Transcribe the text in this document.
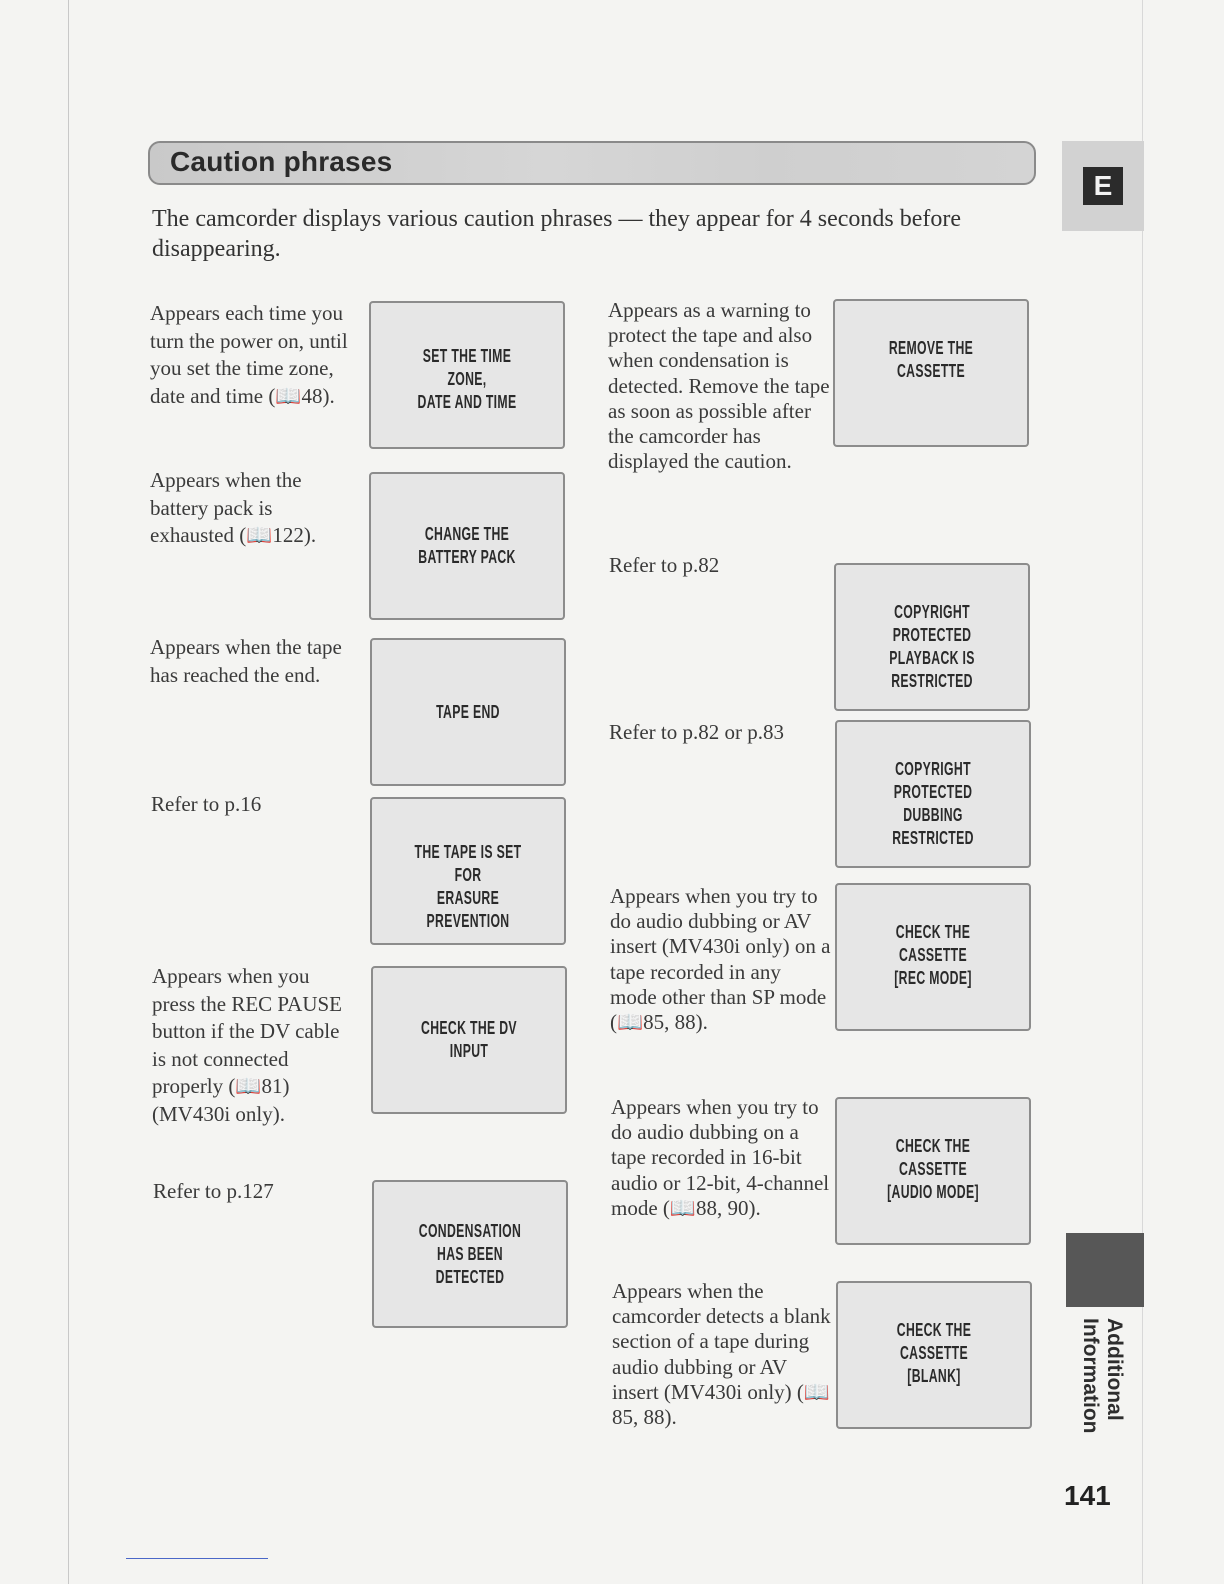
Caution phrases
The camcorder displays various caution phrases — they appear for 4 seconds before disappearing.
E
Additional Information
141
Appears each time you turn the power on, until you set the time zone, date and time (📖48).
SET THE TIME ZONE,
DATE AND TIME
Appears when the battery pack is exhausted (📖122).	CHANGE THE BATTERY PACK
Appears when the tape has reached the end.
TAPE END
Refer to p.16
THE TAPE IS SET FOR
ERASURE PREVENTION
Appears when you press the REC PAUSE button if the DV cable is not connected properly (📖81) (MV430i only).
CHECK THE DV INPUT
Refer to p.127
CONDENSATION
HAS BEEN DETECTED
Appears as a warning to protect the tape and also when condensation is detected. Remove the tape as soon as possible after the camcorder has displayed the caution.
REMOVE THE CASSETTE
Refer to p.82
COPYRIGHT PROTECTED
PLAYBACK IS RESTRICTED
Refer to p.82 or p.83
COPYRIGHT PROTECTED
DUBBING RESTRICTED
Appears when you try to do audio dubbing or AV insert (MV430i only) on a tape recorded in any mode other than SP mode (📖85, 88).
CHECK THE CASSETTE
[REC MODE]
Appears when you try to do audio dubbing on a tape recorded in 16-bit audio or 12-bit, 4-channel mode (📖88, 90).
CHECK THE CASSETTE
[AUDIO MODE]
Appears when the camcorder detects a blank section of a tape during audio dubbing or AV insert (MV430i only) (📖85, 88).
CHECK THE CASSETTE
[BLANK]
